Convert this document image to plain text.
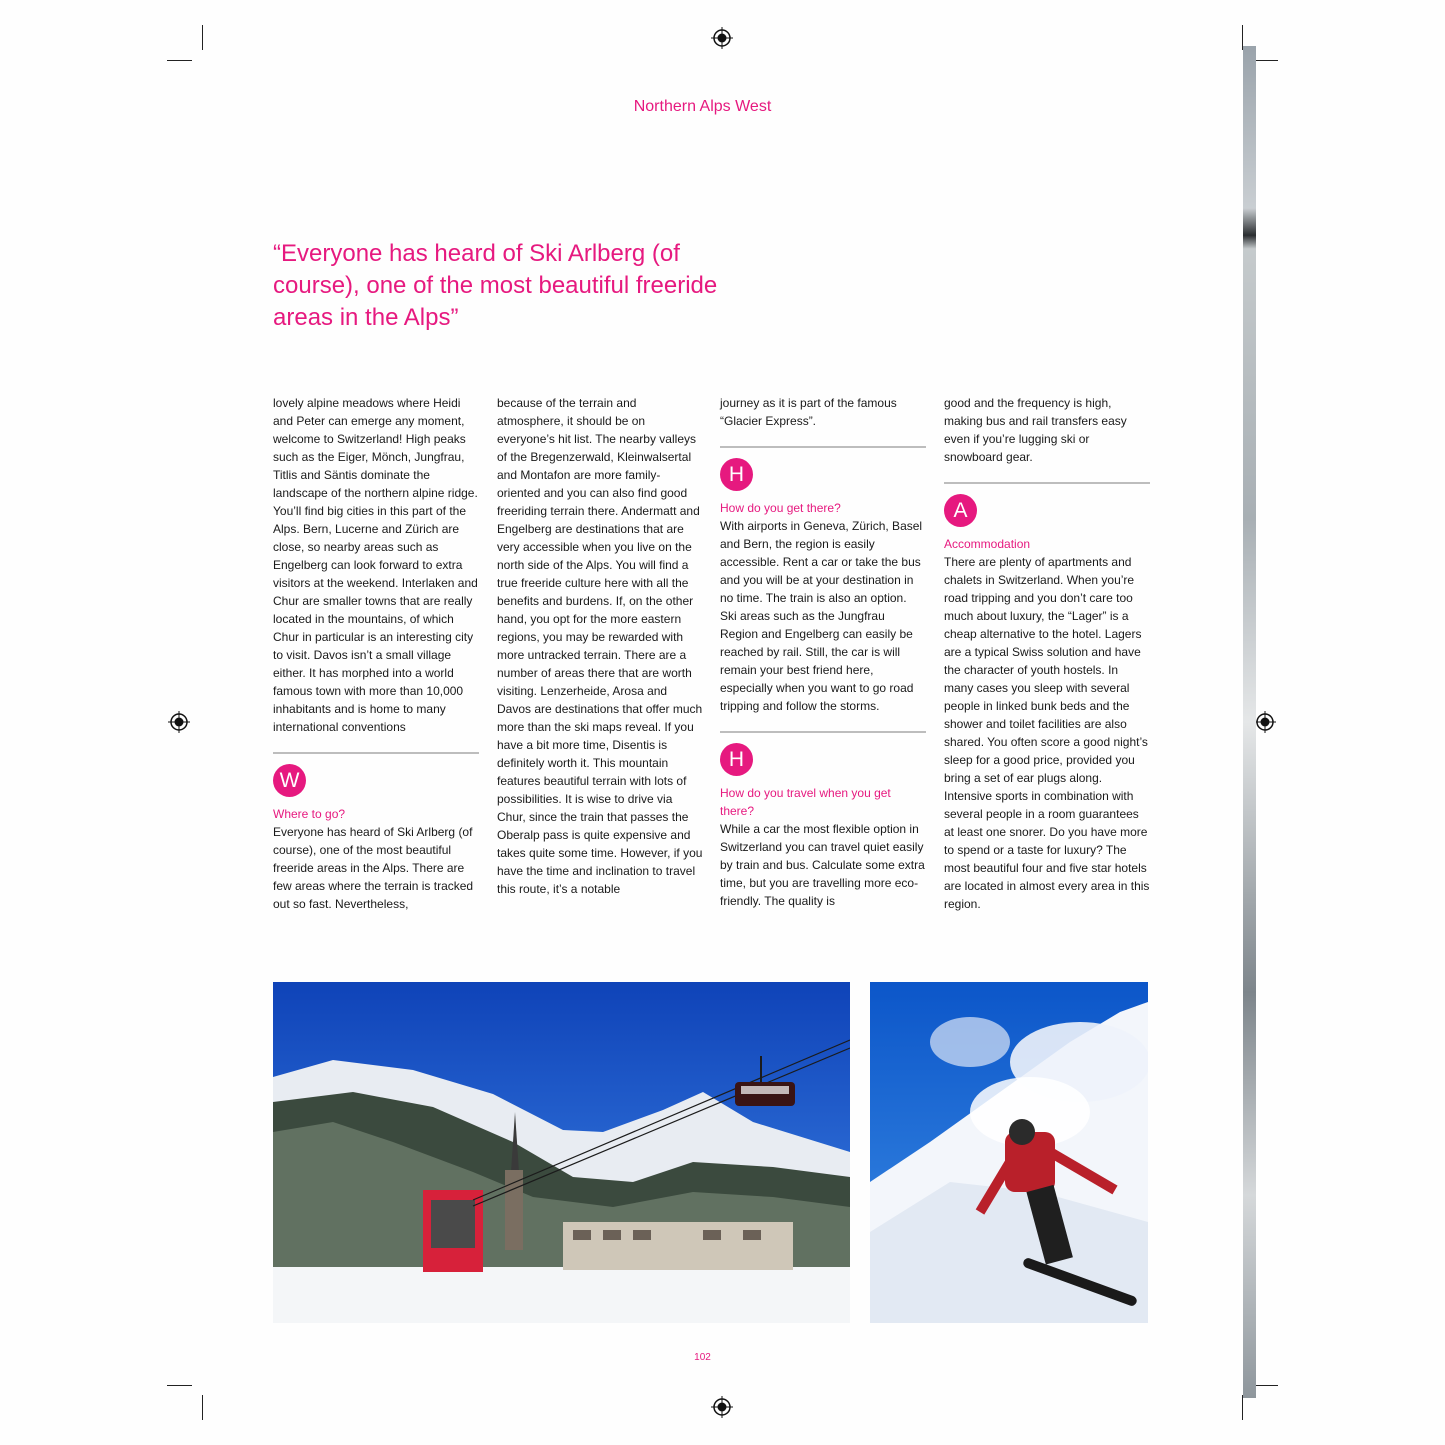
Northern Alps West
“Everyone has heard of Ski Arlberg (of course), one of the most beautiful freeride areas in the Alps”

lovely alpine meadows where Heidi and Peter can emerge any moment, welcome to Switzerland! High peaks such as the Eiger, Mönch, Jungfrau, Titlis and Säntis dominate the landscape of the northern alpine ridge. You’ll find big cities in this part of the Alps. Bern, Lucerne and Zürich are close, so nearby areas such as Engelberg can look forward to extra visitors at the weekend. Interlaken and Chur are smaller towns that are really located in the mountains, of which Chur in particular is an interesting city to visit. Davos isn’t a small village either. It has morphed into a world famous town with more than 10,000 inhabitants and is home to many international conventions

W

Where to go?

Everyone has heard of Ski Arlberg (of course), one of the most beautiful freeride areas in the Alps. There are few areas where the terrain is tracked out so fast. Nevertheless,

because of the terrain and atmosphere, it should be on everyone’s hit list. The nearby valleys of the Bregenzerwald, Kleinwalsertal and Montafon are more family-oriented and you can also find good freeriding terrain there. Andermatt and Engelberg are destinations that are very accessible when you live on the north side of the Alps. You will find a true freeride culture here with all the benefits and burdens. If, on the other hand, you opt for the more eastern regions, you may be rewarded with more untracked terrain. There are a number of areas there that are worth visiting. Lenzerheide, Arosa and Davos are destinations that offer much more than the ski maps reveal. If you have a bit more time, Disentis is definitely worth it. This mountain features beautiful terrain with lots of possibilities. It is wise to drive via Chur, since the train that passes the Oberalp pass is quite expensive and takes quite some time. However, if you have the time and inclination to travel this route, it’s a notable

journey as it is part of the famous “Glacier Express”.

H

How do you get there?

With airports in Geneva, Zürich, Basel and Bern, the region is easily accessible. Rent a car or take the bus and you will be at your destination in no time. The train is also an option. Ski areas such as the Jungfrau Region and Engelberg can easily be reached by rail. Still, the car is will remain your best friend here, especially when you want to go road tripping and follow the storms.

H

How do you travel when you get there?

While a car the most flexible option in Switzerland you can travel quiet easily by train and bus. Calculate some extra time, but you are travelling more eco-friendly. The quality is

good and the frequency is high, making bus and rail transfers easy even if you’re lugging ski or snowboard gear.

A

Accommodation

There are plenty of apartments and chalets in Switzerland. When you’re road tripping and you don’t care too much about luxury, the “Lager” is a cheap alternative to the hotel. Lagers are a typical Swiss solution and have the character of youth hostels. In many cases you sleep with several people in linked bunk beds and the shower and toilet facilities are also shared. You often score a good night’s sleep for a good price, provided you bring a set of ear plugs along. Intensive sports in combination with several people in a room guarantees at least one snorer. Do you have more to spend or a taste for luxury? The most beautiful four and five star hotels are located in almost every area in this region.

102
